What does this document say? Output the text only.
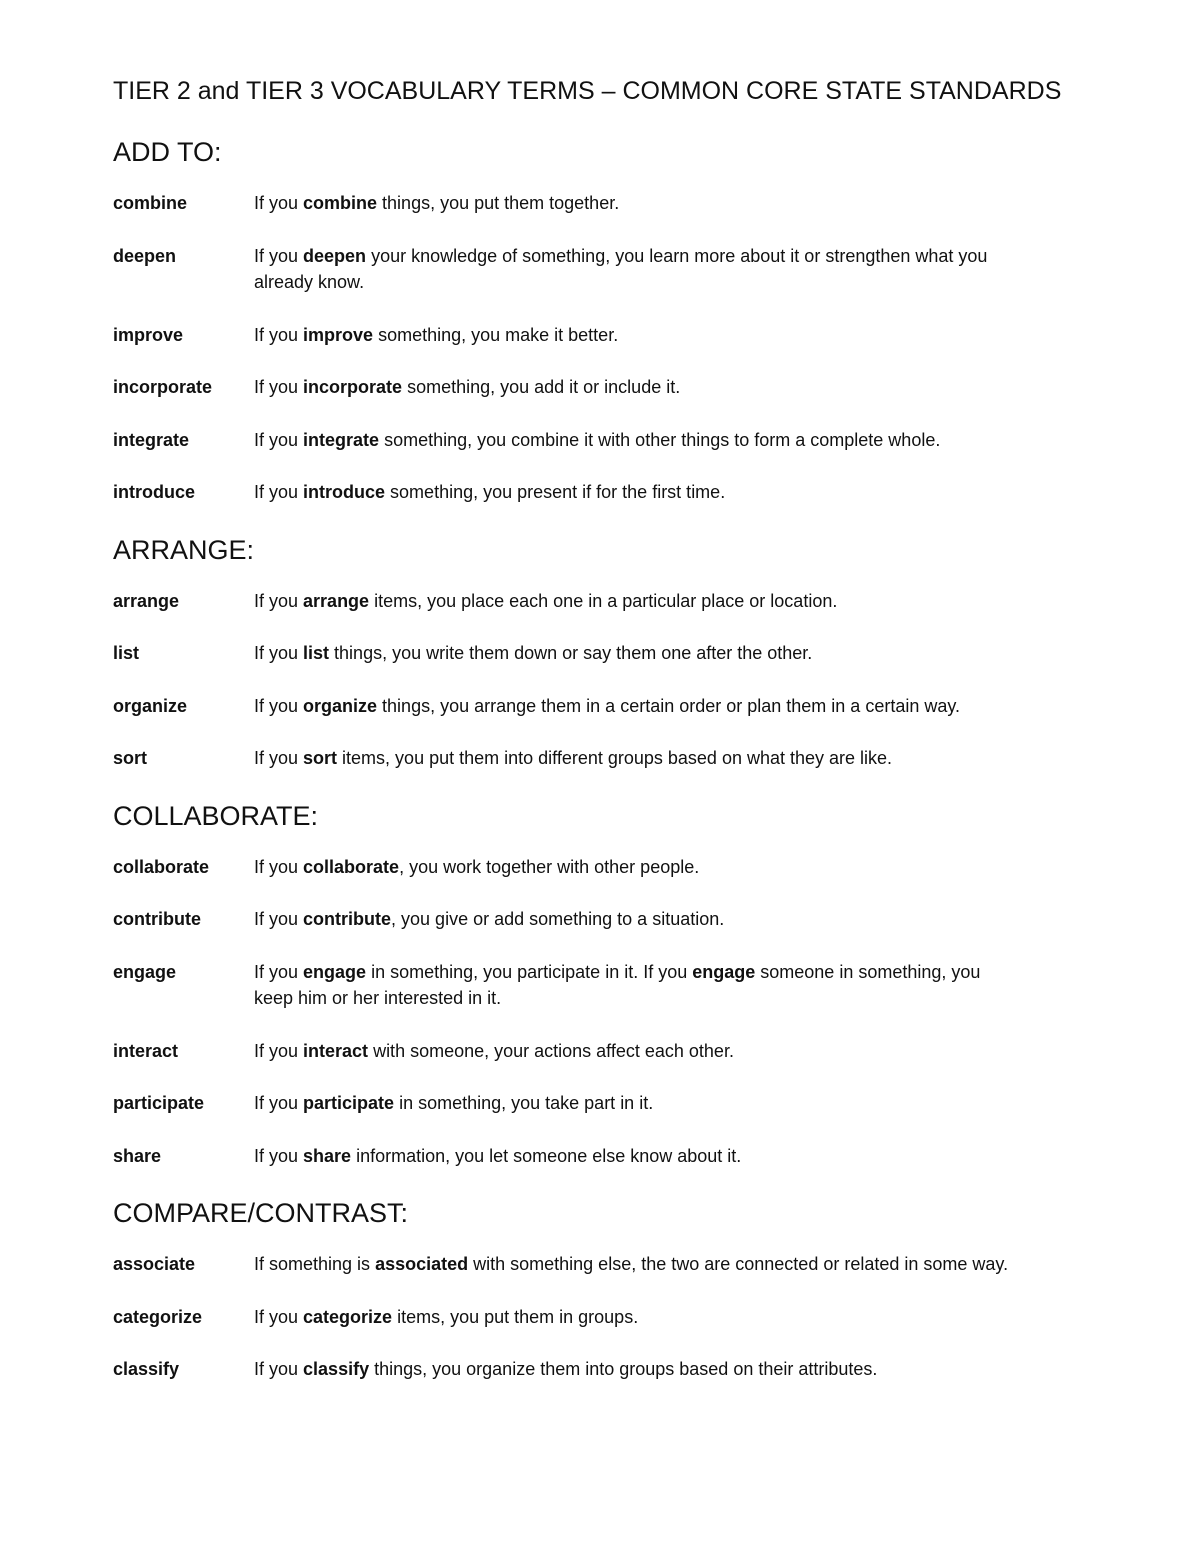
TIER 2 and TIER 3 VOCABULARY TERMS – COMMON CORE STATE STANDARDS
ADD TO:
combine	If you combine things, you put them together.
deepen	If you deepen your knowledge of something, you learn more about it or strengthen what you already know.
improve	If you improve something, you make it better.
incorporate	If you incorporate something, you add it or include it.
integrate	If you integrate something, you combine it with other things to form a complete whole.
introduce	If you introduce something, you present if for the first time.
ARRANGE:
arrange	If you arrange items, you place each one in a particular place or location.
list	If you list things, you write them down or say them one after the other.
organize	If you organize things, you arrange them in a certain order or plan them in a certain way.
sort	If you sort items, you put them into different groups based on what they are like.
COLLABORATE:
collaborate	If you collaborate, you work together with other people.
contribute	If you contribute, you give or add something to a situation.
engage	If you engage in something, you participate in it. If you engage someone in something, you keep him or her interested in it.
interact	If you interact with someone, your actions affect each other.
participate	If you participate in something, you take part in it.
share	If you share information, you let someone else know about it.
COMPARE/CONTRAST:
associate	If something is associated with something else, the two are connected or related in some way.
categorize	If you categorize items, you put them in groups.
classify	If you classify things, you organize them into groups based on their attributes.
